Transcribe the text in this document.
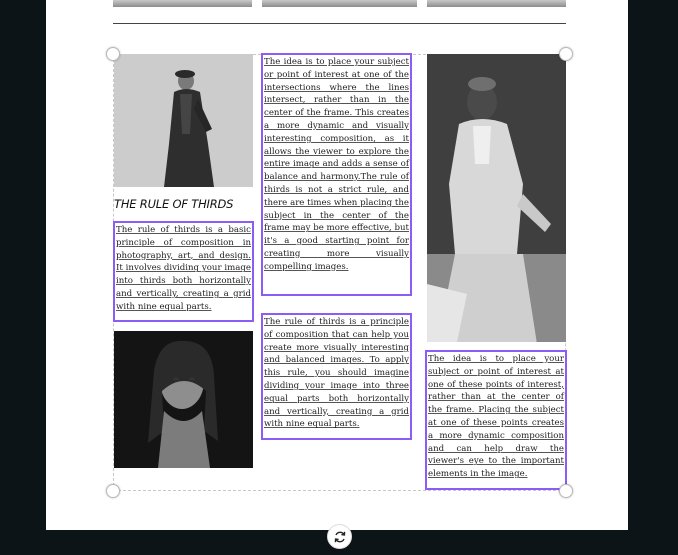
THE RULE OF THIRDS
The rule of thirds is a basic principle of composition in photography, art, and design. It involves dividing your image into thirds both horizontally and vertically, creating a grid with nine equal parts.
The idea is to place your subject or point of interest at one of the intersections where the lines intersect, rather than in the center of the frame. This creates a more dynamic and visually interesting composition, as it allows the viewer to explore the entire image and adds a sense of balance and harmony.The rule of thirds is not a strict rule, and there are times when placing the subject in the center of the frame may be more effective, but it's a good starting point for creating more visually compelling images.
The rule of thirds is a principle of composition that can help you create more visually interesting and balanced images. To apply this rule, you should imagine dividing your image into three equal parts both horizontally and vertically, creating a grid with nine equal parts.
The idea is to place your subject or point of interest at one of these points of interest, rather than at the center of the frame. Placing the subject at one of these points creates a more dynamic composition and can help draw the viewer's eye to the important elements in the image.
